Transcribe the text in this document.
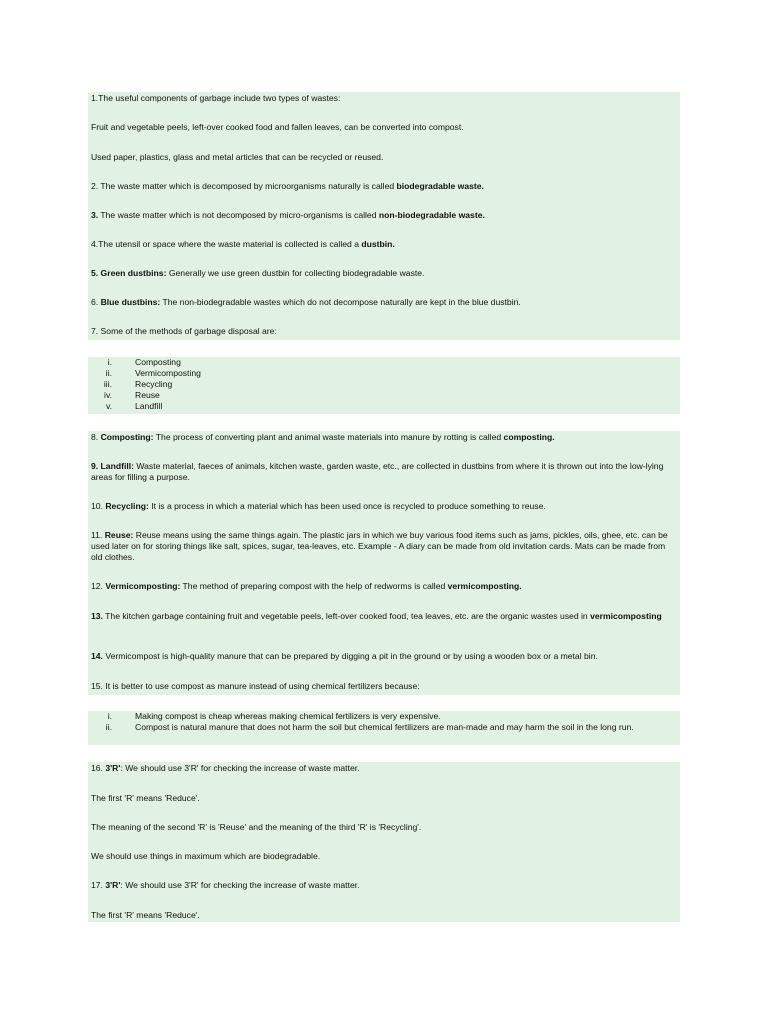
1.The useful components of garbage include two types of wastes:

Fruit and vegetable peels, left-over cooked food and fallen leaves, can be converted into compost.

Used paper, plastics, glass and metal articles that can be recycled or reused.

2. The waste matter which is decomposed by microorganisms naturally is called biodegradable waste.

3. The waste matter which is not decomposed by micro-organisms is called non-biodegradable waste.

4.The utensil or space where the waste material is collected is called a dustbin.

5. Green dustbins: Generally we use green dustbin for collecting biodegradable waste.

6. Blue dustbins: The non-biodegradable wastes which do not decompose naturally are kept in the blue dustbin.

7. Some of the methods of garbage disposal are:

i.	Composting
ii.	Vermicomposting
iii.	Recycling
iv.	Reuse
v.	Landfill

8. Composting: The process of converting plant and animal waste materials into manure by rotting is called composting.

9. Landfill: Waste material, faeces of animals, kitchen waste, garden waste, etc., are collected in dustbins from where it is thrown out into the low-lying areas for filling a purpose.

10. Recycling: It is a process in which a material which has been used once is recycled to produce something to reuse.

11. Reuse: Reuse means using the same things again. The plastic jars in which we buy various food items such as jams, pickles, oils, ghee, etc. can be used later on for storing things like salt, spices, sugar, tea-leaves, etc. Example - A diary can be made from old invitation cards. Mats can be made from old clothes.

12. Vermicomposting: The method of preparing compost with the help of redworms is called vermicomposting.

13. The kitchen garbage containing fruit and vegetable peels, left-over cooked food, tea leaves, etc. are the organic wastes used in vermicomposting

14. Vermicompost is high-quality manure that can be prepared by digging a pit in the ground or by using a wooden box or a metal bin.

15. It is better to use compost as manure instead of using chemical fertilizers because:

i.	Making compost is cheap whereas making chemical fertilizers is very expensive.
ii.	Compost is natural manure that does not harm the soil but chemical fertilizers are man-made and may harm the soil in the long run.

16. 3'R': We should use 3'R' for checking the increase of waste matter.

The first 'R' means 'Reduce'.

The meaning of the second 'R' is 'Reuse' and the meaning of the third 'R' is 'Recycling'.

We should use things in maximum which are biodegradable.

17. 3'R': We should use 3'R' for checking the increase of waste matter.

The first 'R' means 'Reduce'.
